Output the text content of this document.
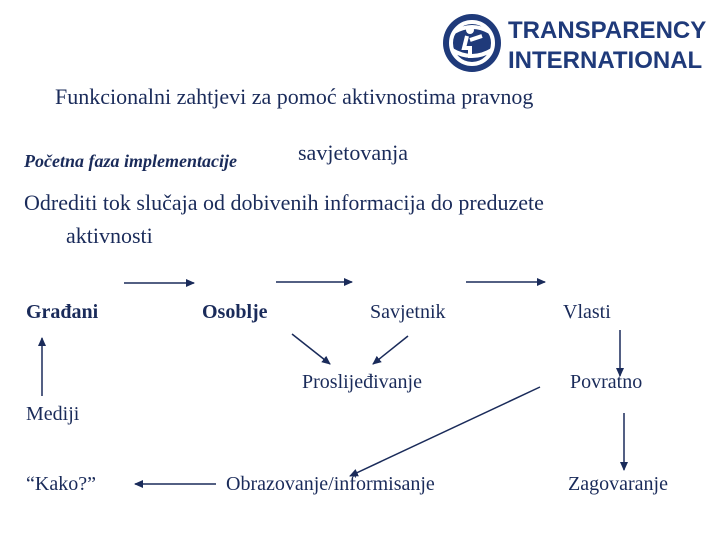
TRANSPARENCY
INTERNATIONAL
Funkcionalni zahtjevi za pomoć aktivnostima pravnog
savjetovanja
Početna faza implementacije
Odrediti tok slučaja od dobivenih informacija do preduzete
aktivnosti
Građani	Osoblje	Savjetnik	Vlasti
Proslijeđivanje	Povratno
Mediji
“Kako?”	Obrazovanje/informisanje	Zagovaranje
